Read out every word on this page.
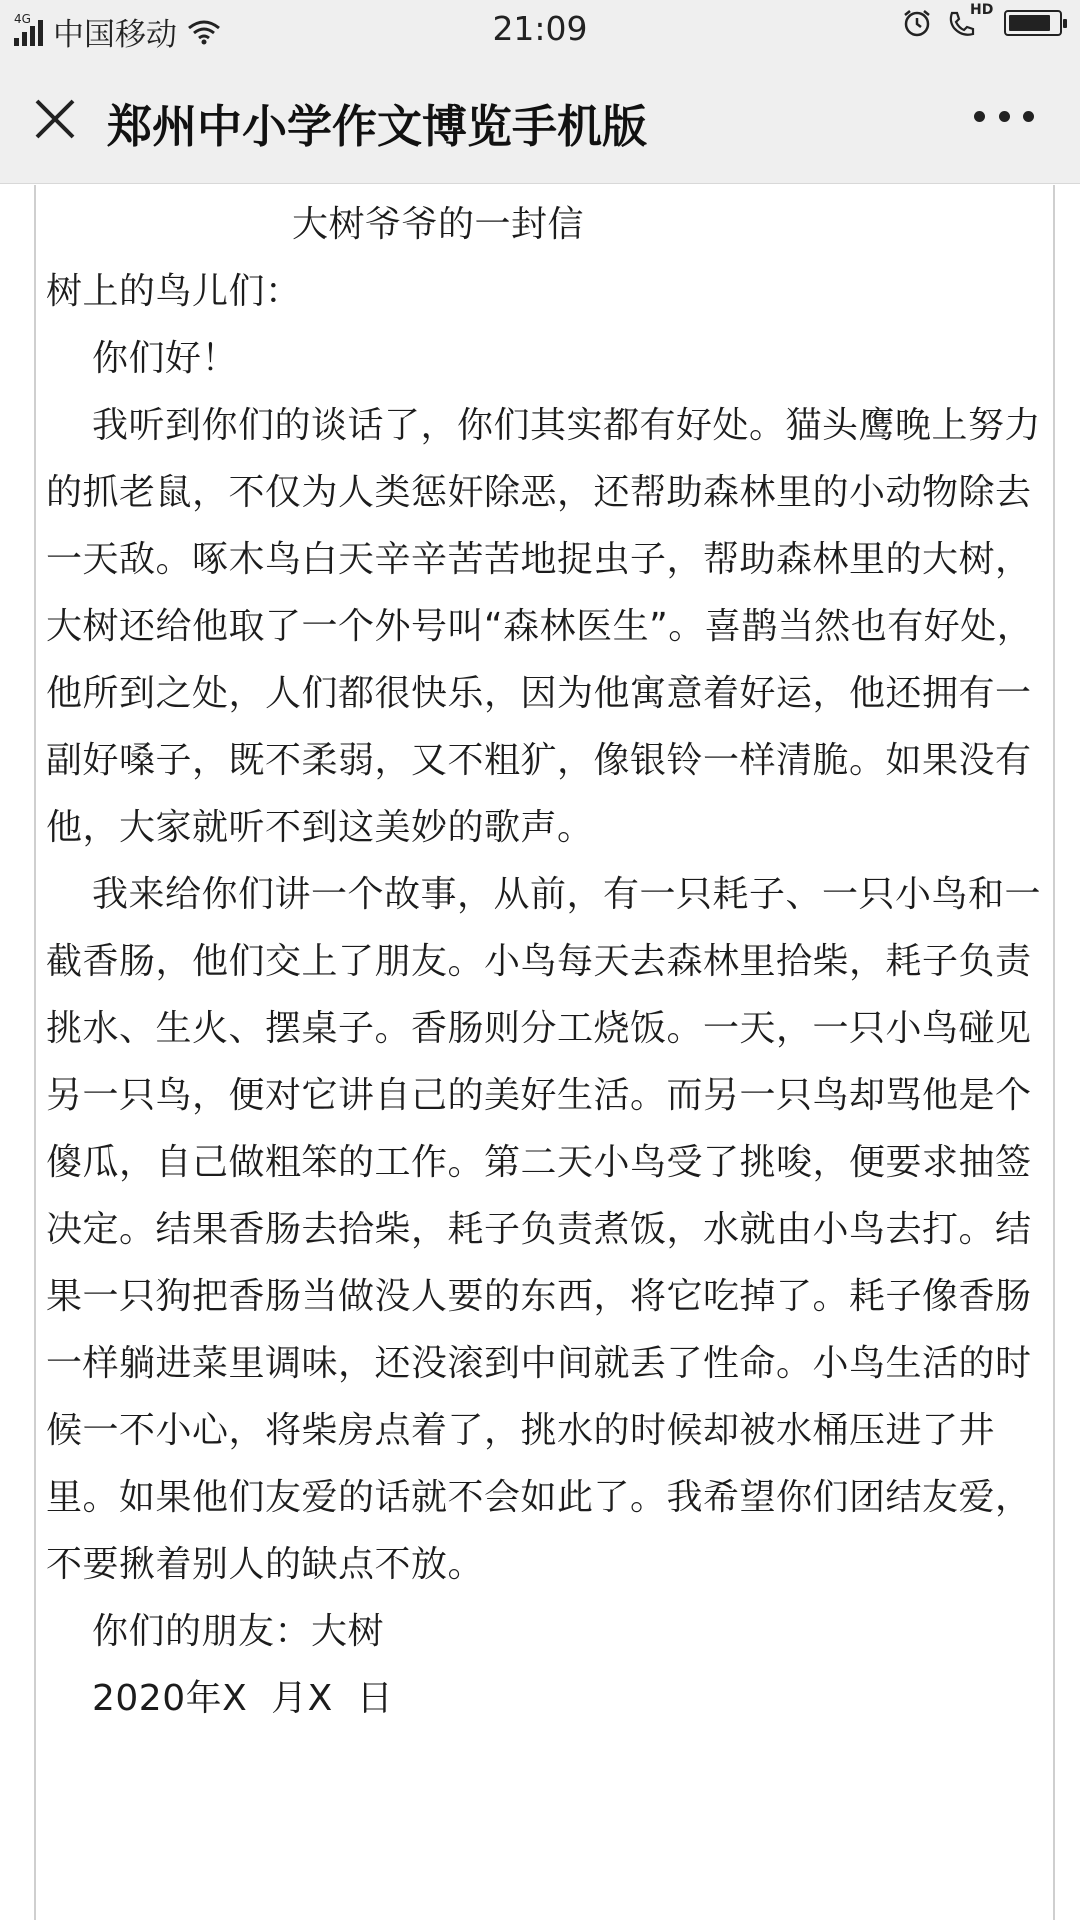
4G 中国移动	21:09	HD
郑州中小学作文博览手机版
大树爷爷的一封信
树上的鸟儿们：
你们好！

我听到你们的谈话了，你们其实都有好处。猫头鹰晚上努力的抓老鼠，不仅为人类惩奸除恶，还帮助森林里的小动物除去一天敌。啄木鸟白天辛辛苦苦地捉虫子，帮助森林里的大树，大树还给他取了一个外号叫“森林医生”。喜鹊当然也有好处，他所到之处，人们都很快乐，因为他寓意着好运，他还拥有一副好嗓子，既不柔弱，又不粗犷，像银铃一样清脆。如果没有他，大家就听不到这美妙的歌声。

我来给你们讲一个故事，从前，有一只耗子、一只小鸟和一截香肠，他们交上了朋友。小鸟每天去森林里拾柴，耗子负责挑水、生火、摆桌子。香肠则分工烧饭。一天，一只小鸟碰见另一只鸟，便对它讲自己的美好生活。而另一只鸟却骂他是个傻瓜，自己做粗笨的工作。第二天小鸟受了挑唆，便要求抽签决定。结果香肠去拾柴，耗子负责煮饭，水就由小鸟去打。结果一只狗把香肠当做没人要的东西，将它吃掉了。耗子像香肠一样躺进菜里调味，还没滚到中间就丢了性命。小鸟生活的时候一不小心，将柴房点着了，挑水的时候却被水桶压进了井里。如果他们友爱的话就不会如此了。我希望你们团结友爱，不要揪着别人的缺点不放。

你们的朋友：大树
2020年X  月X  日
